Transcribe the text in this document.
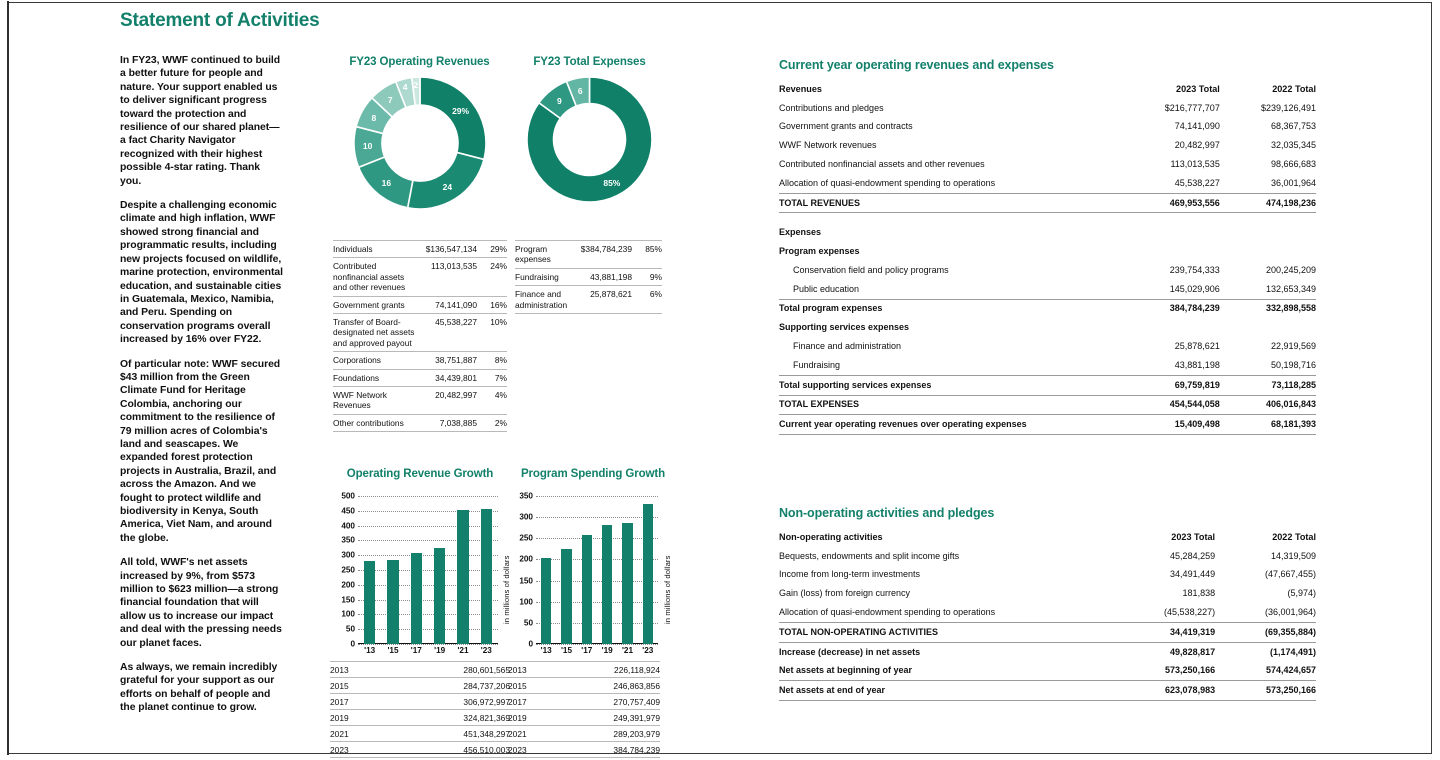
Statement of Activities

In FY23, WWF continued to build a better future for people and nature. Your support enabled us to deliver significant progress toward the protection and resilience of our shared planet—a fact Charity Navigator recognized with their highest possible 4-star rating. Thank you.

Despite a challenging economic climate and high inflation, WWF showed strong financial and programmatic results, including new projects focused on wildlife, marine protection, environmental education, and sustainable cities in Guatemala, Mexico, Namibia, and Peru. Spending on conservation programs overall increased by 16% over FY22.

Of particular note: WWF secured $43 million from the Green Climate Fund for Heritage Colombia, anchoring our commitment to the resilience of 79 million acres of Colombia's land and seascapes. We expanded forest protection projects in Australia, Brazil, and across the Amazon. And we fought to protect wildlife and biodiversity in Kenya, South America, Viet Nam, and around the globe.

All told, WWF's net assets increased by 9%, from $573 million to $623 million—a strong financial foundation that will allow us to increase our impact and deal with the pressing needs our planet faces.

As always, we remain incredibly grateful for your support as our efforts on behalf of people and the planet continue to grow.

FY23 Operating Revenues
29%
24
16
10
8
7
4 2
Individuals	$136,547,134	29%
Contributed nonfinancial assets and other revenues	113,013,535	24%
Government grants	74,141,090	16%
Transfer of Board-designated net assets and approved payout	45,538,227	10%
Corporations	38,751,887	8%
Foundations	34,439,801	7%
WWF Network Revenues	20,482,997	4%
Other contributions	7,038,885	2%
FY23 Total Expenses
85%
9
6
Program expenses	$384,784,239	85%
Fundraising	43,881,198	9%
Finance and administration	25,878,621	6%
Operating Revenue Growth
0
50
100
150
200
250
300
350
400
450
500
'13 '15 '17 '19 '21 '23
in millions of dollars
2013	280,601,565
2015	284,737,206
2017	306,972,997
2019	324,821,369
2021	451,348,297
2023	456,510,003
Program Spending Growth
0
50
100
150
200
250
300
350
'13 '15 '17 '19 '21 '23
in millions of dollars
2013	226,118,924
2015	246,863,856
2017	270,757,409
2019	249,391,979
2021	289,203,979
2023	384,784,239
Current year operating revenues and expenses
Revenues	2023 Total	2022 Total
Contributions and pledges	$216,777,707	$239,126,491
Government grants and contracts	74,141,090	68,367,753
WWF Network revenues	20,482,997	32,035,345
Contributed nonfinancial assets and other revenues	113,013,535	98,666,683
Allocation of quasi-endowment spending to operations	45,538,227	36,001,964
TOTAL REVENUES	469,953,556	474,198,236

Expenses		
Program expenses		
Conservation field and policy programs	239,754,333	200,245,209
Public education	145,029,906	132,653,349
Total program expenses	384,784,239	332,898,558
Supporting services expenses		
Finance and administration	25,878,621	22,919,569
Fundraising	43,881,198	50,198,716
Total supporting services expenses	69,759,819	73,118,285
TOTAL EXPENSES	454,544,058	406,016,843
Current year operating revenues over operating expenses	15,409,498	68,181,393
Non-operating activities and pledges
Non-operating activities	2023 Total	2022 Total
Bequests, endowments and split income gifts	45,284,259	14,319,509
Income from long-term investments	34,491,449	(47,667,455)
Gain (loss) from foreign currency	181,838	(5,974)
Allocation of quasi-endowment spending to operations	(45,538,227)	(36,001,964)
TOTAL NON-OPERATING ACTIVITIES	34,419,319	(69,355,884)
Increase (decrease) in net assets	49,828,817	(1,174,491)
Net assets at beginning of year	573,250,166	574,424,657
Net assets at end of year	623,078,983	573,250,166
